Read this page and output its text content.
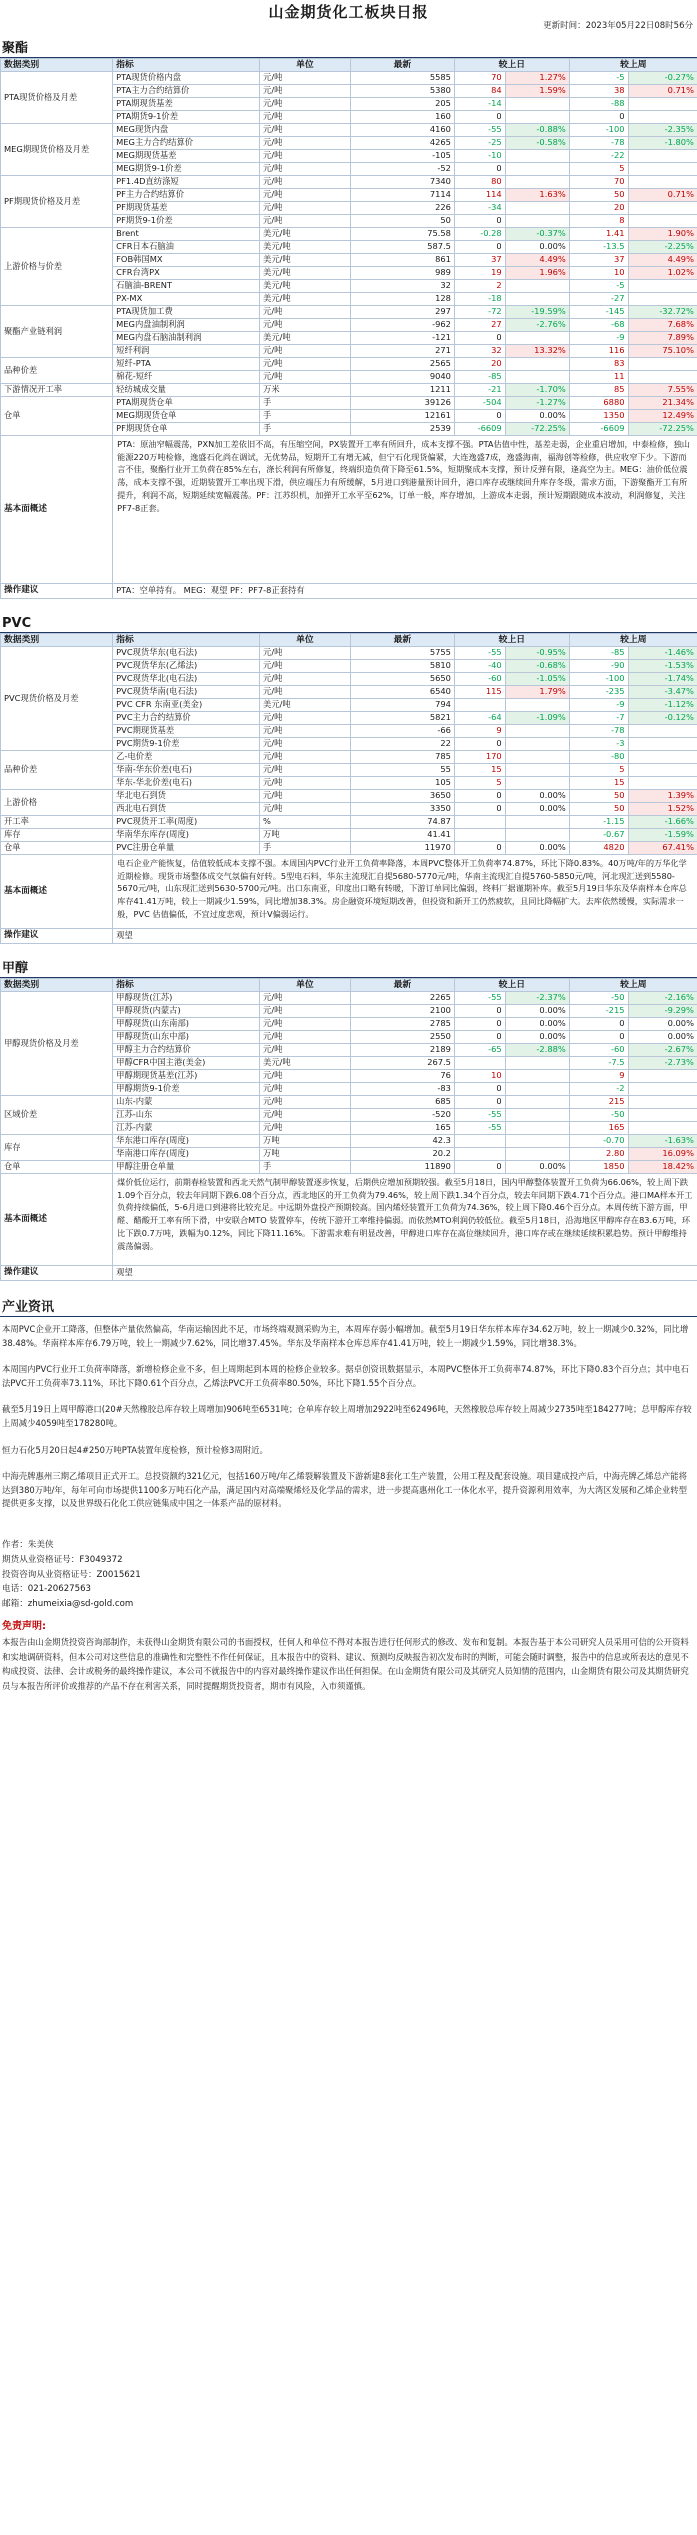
山金期货化工板块日报
更新时间：2023年05月22日08时56分
聚酯
数据类别	指标	单位	最新	较上日		较上周	
PTA现货价格及月差	PTA现货价格内盘	元/吨	5585	70	1.27%	-5	-0.27%
	PTA主力合约结算价	元/吨	5380	84	1.59%	38	0.71%
	PTA期现货基差	元/吨	205	-14		-88	
	PTA期货9-1价差	元/吨	160	0		0	
MEG期现货价格及月差	MEG现货内盘	元/吨	4160	-55	-0.88%	-100	-2.35%
	MEG主力合约结算价	元/吨	4265	-25	-0.58%	-78	-1.80%
	MEG期现货基差	元/吨	-105	-10		-22	
	MEG期货9-1价差	元/吨	-52	0		5	
PF期现货价格及月差	PF1.4D直纺涤短	元/吨	7340	80		70	
	PF主力合约结算价	元/吨	7114	114	1.63%	50	0.71%
	PF期现货基差	元/吨	226	-34		20	
	PF期货9-1价差	元/吨	50	0		8	
上游价格与价差	Brent	美元/吨	75.58	-0.28	-0.37%	1.41	1.90%
	CFR日本石脑油	美元/吨	587.5	0	0.00%	-13.5	-2.25%
	FOB韩国MX	美元/吨	861	37	4.49%	37	4.49%
	CFR台湾PX	美元/吨	989	19	1.96%	10	1.02%
	石脑油-BRENT	美元/吨	32	2		-5	
	PX-MX	美元/吨	128	-18		-27	
聚酯产业链利润	PTA现货加工费	元/吨	297	-72	-19.59%	-145	-32.72%
	MEG内盘油制利润	元/吨	-962	27	-2.76%	-68	7.68%
	MEG内盘石脑油制利润	美元/吨	-121	0		-9	7.89%
	短纤利润	元/吨	271	32	13.32%	116	75.10%
品种价差	短纤-PTA	元/吨	2565	20		83	
	棉花-短纤	元/吨	9040	-85		11	
下游情况开工率	轻纺城成交量	万米	1211	-21	-1.70%	85	7.55%
仓单	PTA期现货仓单	手	39126	-504	-1.27%	6880	21.34%
	MEG期现货仓单	手	12161	0	0.00%	1350	12.49%
	PF期现货仓单	手	2539	-6609	-72.25%	-6609	-72.25%
基本面概述	PTA：原油窄幅震荡，PXN加工差依旧不高，有压缩空间，PX装置开工率有所回升，成本支撑不强。PTA估值中性，基差走弱，企业重启增加，中泰检修，独山能源220万吨检修，逸盛石化尚在调试，无优势品，短期开工有增无减，但宁石化现货偏紧，大连逸盛7成，逸盛海南，福海创等检修，供应收窄下少。下游而言不佳，聚酯行业开工负荷在85%左右，涤长利润有所修复，终端织造负荷下降至61.5%，短期聚成本支撑，预计反弹有限，逢高空为主。MEG：油价低位震荡，成本支撑不强，近期装置开工率出现下滑，供应端压力有所缓解，5月进口到港量预计回升，港口库存或继续回升库存冬级，需求方面，下游聚酯开工有所提升，利润不高，短期延续宽幅震荡。PF：江苏织机，加弹开工水平至62%，订单一般，库存增加，上游成本走弱，预计短期跟随成本波动，利润修复，关注PF7-8正套。						
操作建议	PTA：空单持有。 MEG：观望 PF：PF7-8正套持有						
PVC
数据类别	指标	单位	最新	较上日		较上周	
PVC现货价格及月差	PVC现货华东(电石法)	元/吨	5755	-55	-0.95%	-85	-1.46%
	PVC现货华东(乙烯法)	元/吨	5810	-40	-0.68%	-90	-1.53%
	PVC现货华北(电石法)	元/吨	5650	-60	-1.05%	-100	-1.74%
	PVC现货华南(电石法)	元/吨	6540	115	1.79%	-235	-3.47%
	PVC CFR 东南亚(美金)	美元/吨	794			-9	-1.12%
	PVC主力合约结算价	元/吨	5821	-64	-1.09%	-7	-0.12%
	PVC期现货基差	元/吨	-66	9		-78	
	PVC期货9-1价差	元/吨	22	0		-3	
品种价差	乙-电价差	元/吨	785	170		-80	
	华南-华东价差(电石)	元/吨	55	15		5	
	华东-华北价差(电石)	元/吨	105	5		15	
上游价格	华北电石到货	元/吨	3650	0	0.00%	50	1.39%
	西北电石到货	元/吨	3350	0	0.00%	50	1.52%
开工率	PVC现货开工率(周度)	%	74.87			-1.15	-1.66%
库存	华南华东库存(周度)	万吨	41.41			-0.67	-1.59%
仓单	PVC注册仓单量	手	11970	0	0.00%	4820	67.41%
基本面概述	电石企业产能恢复，估值较低成本支撑不强。本周国内PVC行业开工负荷率降落，本周PVC整体开工负荷率74.87%，环比下降0.83%。40万吨/年的万华化学近期检修。现货市场整体成交气氛偏有好转。5型电石料，华东主流现汇自提5680-5770元/吨，华南主流现汇自提5760-5850元/吨，河北现汇送到5580-5670元/吨，山东现汇送到5630-5700元/吨。出口东南亚，印度出口略有转暖，下游订单同比偏弱，终料厂据谨期补库。截至5月19日华东及华南样本仓库总库存41.41万吨，较上一期减少1.59%，同比增加38.3%。房企融资环境短期改善，但投资和新开工仍然疲软，且同比降幅扩大。去库依然缓慢，实际需求一般，PVC 估值偏低，不宜过度悲观，预计V偏弱运行。						
操作建议	观望						
甲醇
数据类别	指标	单位	最新	较上日		较上周	
甲醇现货价格及月差	甲醇现货(江苏)	元/吨	2265	-55	-2.37%	-50	-2.16%
	甲醇现货(内蒙古)	元/吨	2100	0	0.00%	-215	-9.29%
	甲醇现货(山东南部)	元/吨	2785	0	0.00%	0	0.00%
	甲醇现货(山东中部)	元/吨	2550	0	0.00%	0	0.00%
	甲醇主力合约结算价	元/吨	2189	-65	-2.88%	-60	-2.67%
	甲醇CFR中国主港(美金)	美元/吨	267.5			-7.5	-2.73%
	甲醇期现货基差(江苏)	元/吨	76	10		9	
	甲醇期货9-1价差	元/吨	-83	0		-2	
区域价差	山东-内蒙	元/吨	685	0		215	
	江苏-山东	元/吨	-520	-55		-50	
	江苏-内蒙	元/吨	165	-55		165	
库存	华东港口库存(周度)	万吨	42.3			-0.70	-1.63%
	华南港口库存(周度)	万吨	20.2			2.80	16.09%
仓单	甲醇注册仓单量	手	11890	0	0.00%	1850	18.42%
基本面概述	煤价低位运行，前期春检装置和西北天然气制甲醇装置逐步恢复，后期供应增加预期较强。截至5月18日，国内甲醇整体装置开工负荷为66.06%，较上周下跌1.09个百分点，较去年同期下跌6.08个百分点，西北地区的开工负荷为79.46%，较上周下跌1.34个百分点，较去年同期下跌4.71个百分点。港口MA样本开工负荷持续偏低，5-6月进口到港将比较充足。中远期外盘投产预期较高。国内烯烃装置开工负荷为74.36%，较上周下降0.46个百分点。本周传统下游方面，甲醛、醋酸开工率有所下滑，中安联合MTO 装置停车，传统下游开工率维持偏弱。而依然MTO利润仍较低位。截至5月18日，沿海地区甲醇库存在83.6万吨，环比下跌0.7万吨，跌幅为0.12%，同比下降11.16%。下游需求难有明显改善，甲醇进口库存在高位继续回升，港口库存或在继续延续积累趋势。预计甲醇维持震荡偏弱。						
操作建议	观望						
产业资讯

本周PVC企业开工降落，但整体产量依然偏高，华南运输因此不足，市场终端观测采购为主，本周库存弱小幅增加。截至5月19日华东样本库存34.62万吨，较上一期减少0.32%，同比增38.48%。华南样本库存6.79万吨，较上一期减少7.62%，同比增37.45%。华东及华南样本仓库总库存41.41万吨，较上一期减少1.59%，同比增38.3%。

本周国内PVC行业开工负荷率降落，新增检修企业不多，但上周期起到本周的检修企业较多。据卓创资讯数据显示，本周PVC整体开工负荷率74.87%，环比下降0.83个百分点；其中电石法PVC开工负荷率73.11%，环比下降0.61个百分点，乙烯法PVC开工负荷率80.50%，环比下降1.55个百分点。

截至5月19日上周甲醇港口(20#天然橡胶总库存较上周增加)906吨至6531吨；仓单库存较上周增加2922吨至62496吨，天然橡胶总库存较上周减少2735吨至184277吨；总甲醇库存较上周减少4059吨至178280吨。

恒力石化5月20日起4#250万吨PTA装置年度检修，预计检修3周附近。

中海壳牌惠州三期乙烯项目正式开工。总投资额约321亿元，包括160万吨/年乙烯裂解装置及下游新建8套化工生产装置，公用工程及配套设施。项目建成投产后，中海壳牌乙烯总产能将达到380万吨/年，每年可向市场提供1100多万吨石化产品，满足国内对高端聚烯烃及化学品的需求，进一步提高惠州化工一体化水平，提升资源利用效率，为大湾区发展和乙烯企业转型提供更多支撑，以及世界级石化化工供应链集成中国之一体系产品的原材料。

作者：朱美侠
期货从业资格证号：F3049372
投资咨询从业资格证号：Z0015621
电话：021-20627563
邮箱：zhumeixia@sd-gold.com
免责声明:
本报告由山金期货投资咨询部制作，未获得山金期货有限公司的书面授权，任何人和单位不得对本报告进行任何形式的修改、发布和复制。本报告基于本公司研究人员采用可信的公开资料和实地调研资料，但本公司对这些信息的准确性和完整性不作任何保证，且本报告中的资料、建议、预测均反映报告初次发布时的判断，可能会随时调整，报告中的信息或所表达的意见不构成投资、法律、会计或税务的最终操作建议，本公司不就报告中的内容对最终操作建议作出任何担保。在山金期货有限公司及其研究人员知情的范围内，山金期货有限公司及其期货研究员与本报告所评价或推荐的产品不存在利害关系，同时提醒期货投资者，期市有风险，入市须谨慎。
